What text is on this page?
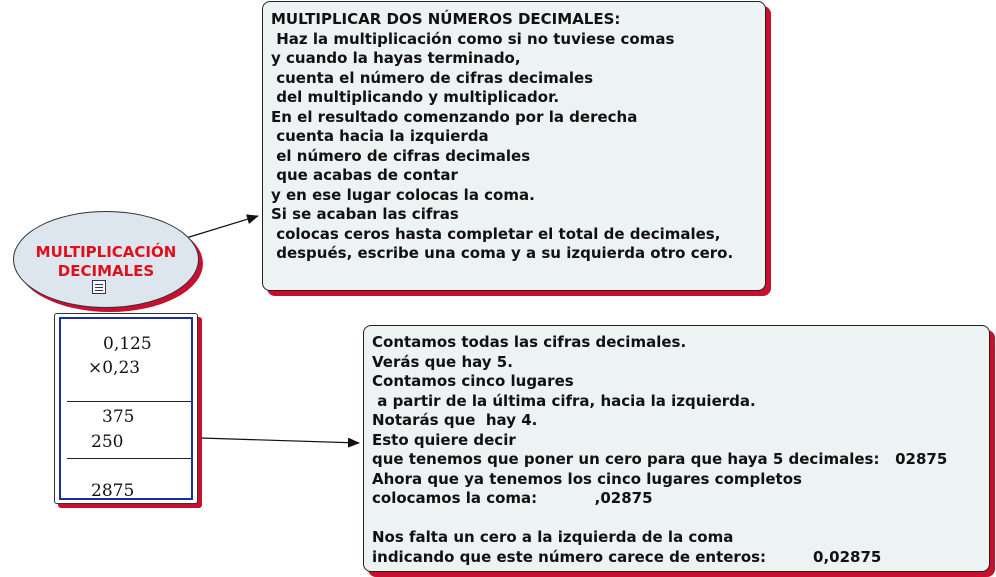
MULTIPLICAR DOS NÚMEROS DECIMALES:
Haz la multiplicación como si no tuviese comas
y cuando la hayas terminado,
cuenta el número de cifras decimales
del multiplicando y multiplicador.
En el resultado comenzando por la derecha
cuenta hacia la izquierda
el número de cifras decimales
que acabas de contar
y en ese lugar colocas la coma.
Si se acaban las cifras
colocas ceros hasta completar el total de decimales,
después, escribe una coma y a su izquierda otro cero.
MULTIPLICACIÓN
DECIMALES
0,125
×0,23
375
250
2875
Contamos todas las cifras decimales.
Verás que hay 5.
Contamos cinco lugares
a partir de la última cifra, hacia la izquierda.
Notarás que  hay 4.
Esto quiere decir
que tenemos que poner un cero para que haya 5 decimales:   02875
Ahora que ya tenemos los cinco lugares completos
colocamos la coma:           ,02875
Nos falta un cero a la izquierda de la coma
indicando que este número carece de enteros:         0,02875
